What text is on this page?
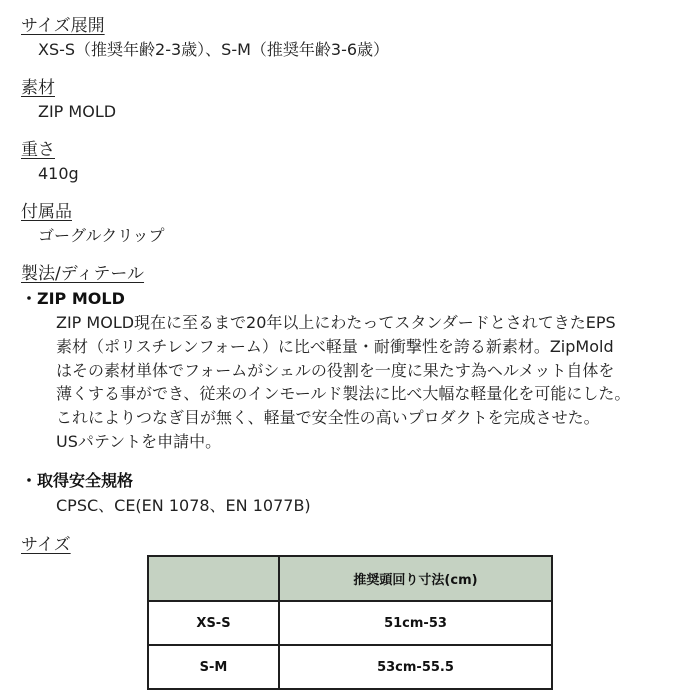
サイズ展開
XS-S（推奨年齢2-3歳）、S-M（推奨年齢3-6歳）
素材
ZIP MOLD
重さ
410g
付属品
ゴーグルクリップ
製法/ディテール
・ZIP MOLD
ZIP MOLD現在に至るまで20年以上にわたってスタンダードとされてきたEPS
素材（ポリスチレンフォーム）に比べ軽量・耐衝撃性を誇る新素材。ZipMold
はその素材単体でフォームがシェルの役割を一度に果たす為ヘルメット自体を
薄くする事ができ、従来のインモールド製法に比べ大幅な軽量化を可能にした。
これによりつなぎ目が無く、軽量で安全性の高いプロダクトを完成させた。
USパテントを申請中。
・取得安全規格
CPSC、CE(EN 1078、EN 1077B)
サイズ
	推奨頭回り寸法(cm)
XS-S	51cm-53
S-M	53cm-55.5
